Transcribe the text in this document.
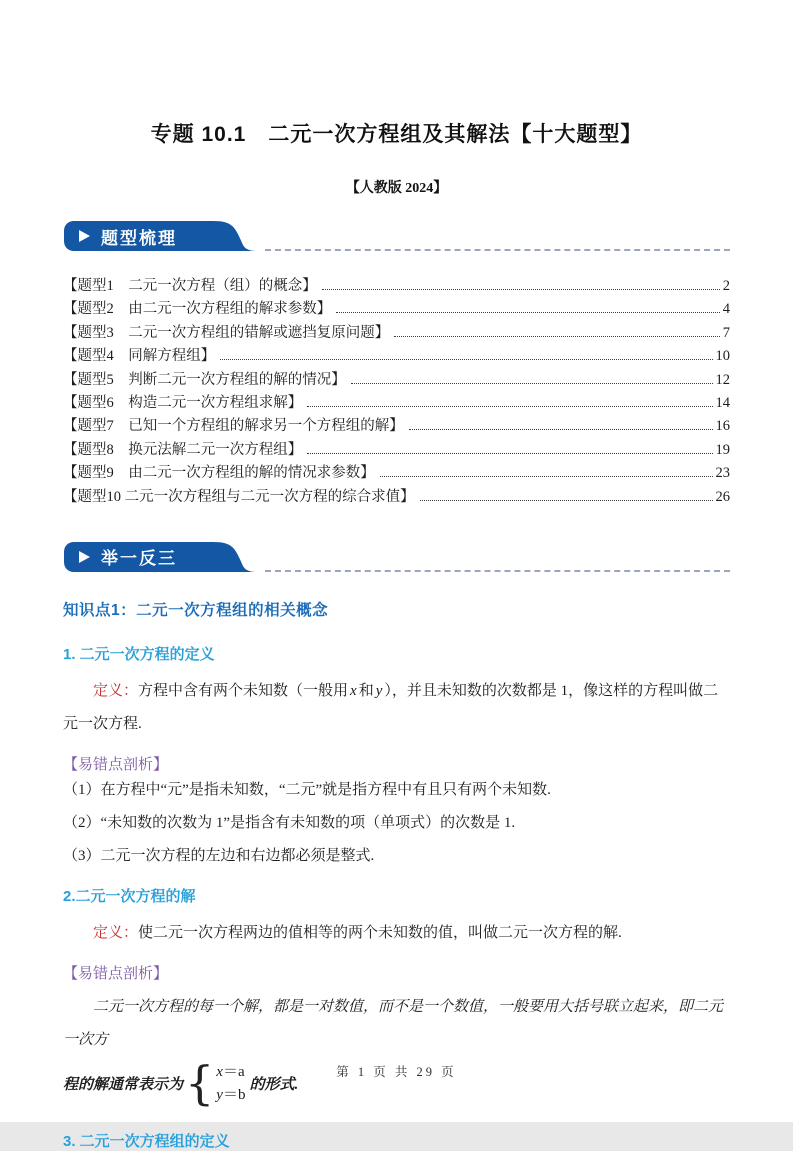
专题 10.1　二元一次方程组及其解法【十大题型】
【人教版 2024】
题型梳理
【题型1　二元一次方程（组）的概念】	2
【题型2　由二元一次方程组的解求参数】	4
【题型3　二元一次方程组的错解或遮挡复原问题】	7
【题型4　同解方程组】	10
【题型5　判断二元一次方程组的解的情况】	12
【题型6　构造二元一次方程组求解】	14
【题型7　已知一个方程组的解求另一个方程组的解】	16
【题型8　换元法解二元一次方程组】	19
【题型9　由二元一次方程组的解的情况求参数】	23
【题型10 二元一次方程组与二元一次方程的综合求值】	26
举一反三
知识点1：二元一次方程组的相关概念
1. 二元一次方程的定义

定义：方程中含有两个未知数（一般用 x 和 y ），并且未知数的次数都是 1，像这样的方程叫做二元一次方程.

【易错点剖析】

（1）在方程中“元”是指未知数，“二元”就是指方程中有且只有两个未知数.

（2）“未知数的次数为 1”是指含有未知数的项（单项式）的次数是 1.

（3）二元一次方程的左边和右边都必须是整式.

2.二元一次方程的解

定义：使二元一次方程两边的值相等的两个未知数的值，叫做二元一次方程的解.

【易错点剖析】

二元一次方程的每一个解，都是一对数值，而不是一个数值，一般要用大括号联立起来，即二元一次方

程的解通常表示为 { x ＝a
y ＝b
的形式.
3. 二元一次方程组的定义
第 1 页 共 29 页
